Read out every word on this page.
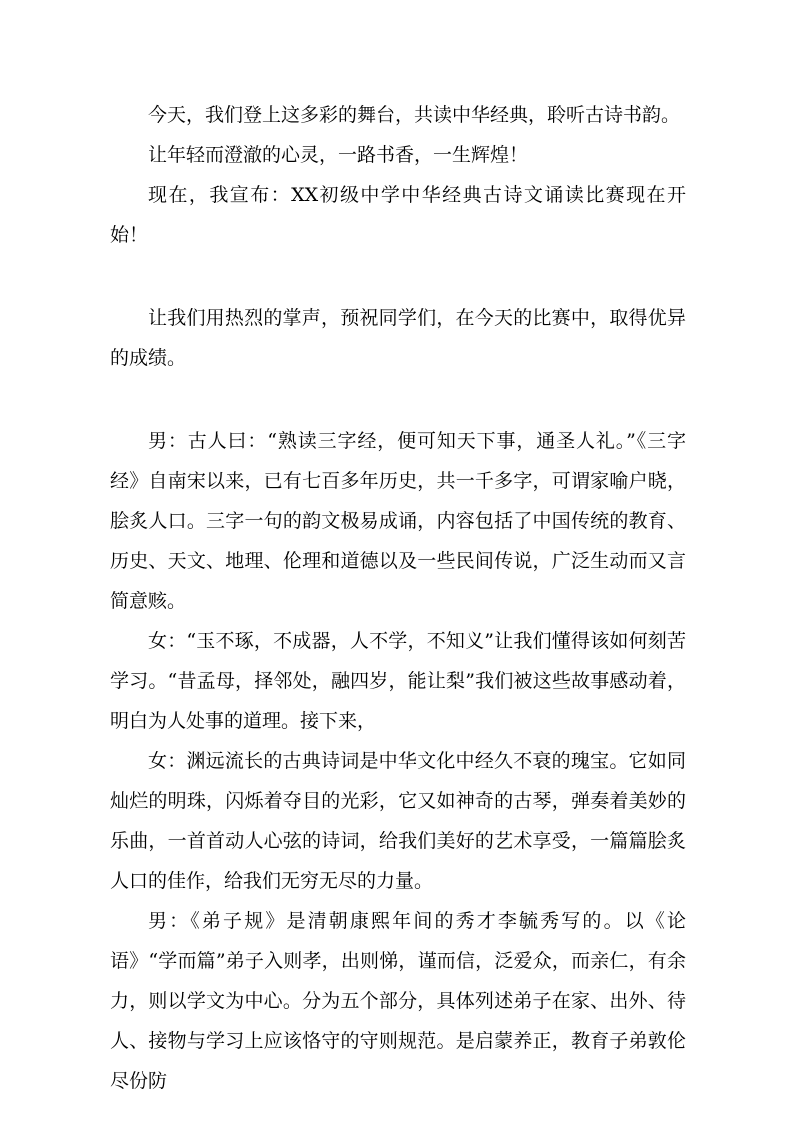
今天，我们登上这多彩的舞台，共读中华经典，聆听古诗书韵。

让年轻而澄澈的心灵，一路书香，一生辉煌！

现在，我宣布：XX初级中学中华经典古诗文诵读比赛现在开始！

让我们用热烈的掌声，预祝同学们，在今天的比赛中，取得优异的成绩。

男：古人曰：“熟读三字经，便可知天下事，通圣人礼。”《三字经》自南宋以来，已有七百多年历史，共一千多字，可谓家喻户晓，脍炙人口。三字一句的韵文极易成诵，内容包括了中国传统的教育、历史、天文、地理、伦理和道德以及一些民间传说，广泛生动而又言简意赅。

女：“玉不琢，不成器，人不学，不知义”让我们懂得该如何刻苦学习。“昔孟母，择邻处，融四岁，能让梨”我们被这些故事感动着，明白为人处事的道理。接下来，

女：渊远流长的古典诗词是中华文化中经久不衰的瑰宝。它如同灿烂的明珠，闪烁着夺目的光彩，它又如神奇的古琴，弹奏着美妙的乐曲，一首首动人心弦的诗词，给我们美好的艺术享受，一篇篇脍炙人口的佳作，给我们无穷无尽的力量。

男：《弟子规》是清朝康熙年间的秀才李毓秀写的。以《论语》“学而篇”弟子入则孝，出则悌，谨而信，泛爱众，而亲仁，有余力，则以学文为中心。分为五个部分，具体列述弟子在家、出外、待人、接物与学习上应该恪守的守则规范。是启蒙养正，教育子弟敦伦尽份防
